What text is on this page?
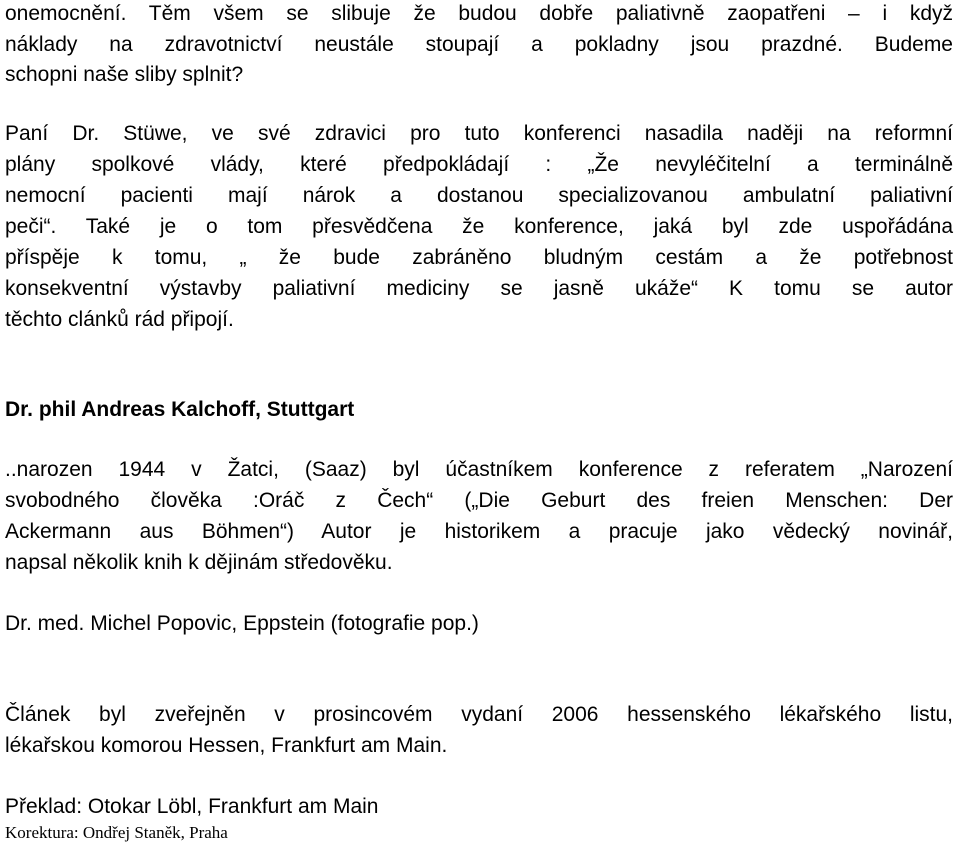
onemocnění. Těm všem se slibuje že budou dobře paliativně zaopatřeni – i když
náklady na zdravotnictví neustále stoupají a pokladny jsou prazdné. Budeme
schopni naše sliby splnit?
Paní Dr. Stüwe, ve své zdravici pro tuto konferenci nasadila naději na reformní
plány spolkové vlády, které předpokládají : „Že nevyléčitelní a terminálně
nemocní pacienti mají nárok a dostanou specializovanou ambulatní paliativní
peči“. Také je o tom přesvědčena že konference, jaká byl zde uspořádána
příspěje k tomu, „ že bude zabráněno bludným cestám a že potřebnost
konsekventní výstavby paliativní mediciny se jasně ukáže“ K tomu se autor
těchto clánků rád připojí.
Dr. phil Andreas Kalchoff, Stuttgart
..narozen 1944 v Žatci, (Saaz) byl účastníkem konference z referatem „Narození
svobodného člověka :Oráč z Čech“ („Die Geburt des freien Menschen: Der
Ackermann aus Böhmen“) Autor je historikem a pracuje jako vědecký novinář,
napsal několik knih k dějinám středověku.
Dr. med. Michel Popovic, Eppstein (fotografie pop.)
Článek byl zveřejněn v prosincovém vydaní 2006 hessenského lékařského listu,
lékařskou komorou Hessen, Frankfurt am Main.
Překlad: Otokar Löbl, Frankfurt am Main
Korektura: Ondřej Staněk, Praha
